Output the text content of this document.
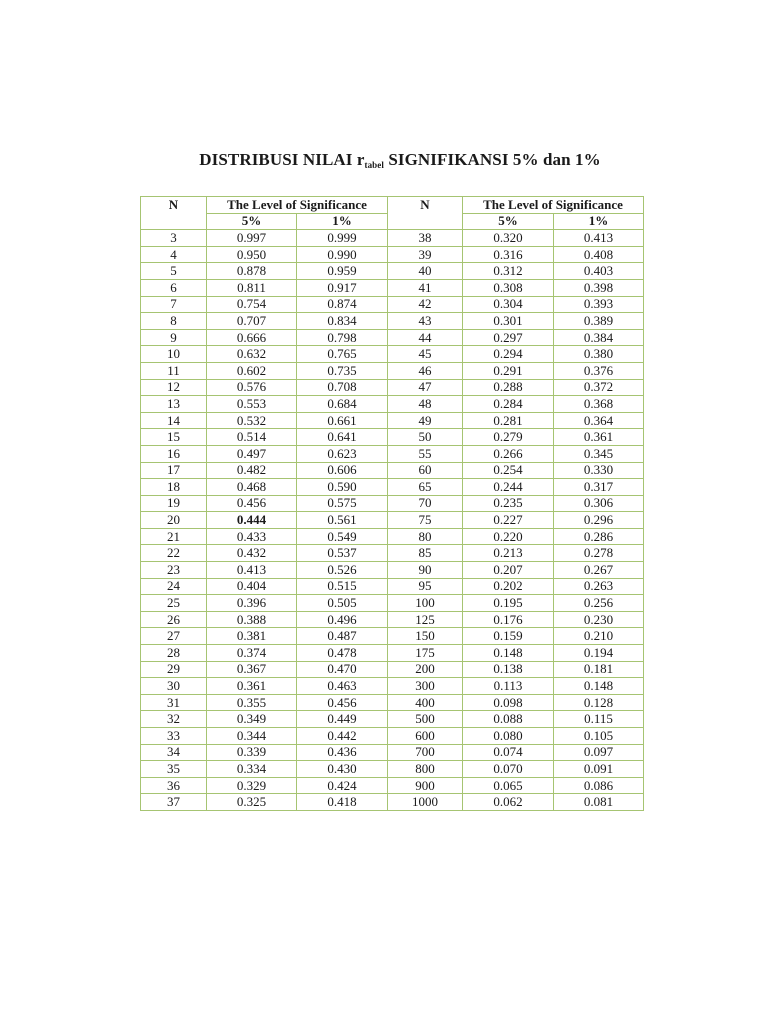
DISTRIBUSI NILAI $r_{tabel}$ SIGNIFIKANSI 5% dan 1%
N	The Level of Significance		N	The Level of Significance	
	5%	1%		5%	1%
3	0.997	0.999	38	0.320	0.413
4	0.950	0.990	39	0.316	0.408
5	0.878	0.959	40	0.312	0.403
6	0.811	0.917	41	0.308	0.398
7	0.754	0.874	42	0.304	0.393
8	0.707	0.834	43	0.301	0.389
9	0.666	0.798	44	0.297	0.384
10	0.632	0.765	45	0.294	0.380
11	0.602	0.735	46	0.291	0.376
12	0.576	0.708	47	0.288	0.372
13	0.553	0.684	48	0.284	0.368
14	0.532	0.661	49	0.281	0.364
15	0.514	0.641	50	0.279	0.361
16	0.497	0.623	55	0.266	0.345
17	0.482	0.606	60	0.254	0.330
18	0.468	0.590	65	0.244	0.317
19	0.456	0.575	70	0.235	0.306
20	0.444	0.561	75	0.227	0.296
21	0.433	0.549	80	0.220	0.286
22	0.432	0.537	85	0.213	0.278
23	0.413	0.526	90	0.207	0.267
24	0.404	0.515	95	0.202	0.263
25	0.396	0.505	100	0.195	0.256
26	0.388	0.496	125	0.176	0.230
27	0.381	0.487	150	0.159	0.210
28	0.374	0.478	175	0.148	0.194
29	0.367	0.470	200	0.138	0.181
30	0.361	0.463	300	0.113	0.148
31	0.355	0.456	400	0.098	0.128
32	0.349	0.449	500	0.088	0.115
33	0.344	0.442	600	0.080	0.105
34	0.339	0.436	700	0.074	0.097
35	0.334	0.430	800	0.070	0.091
36	0.329	0.424	900	0.065	0.086
37	0.325	0.418	1000	0.062	0.081
